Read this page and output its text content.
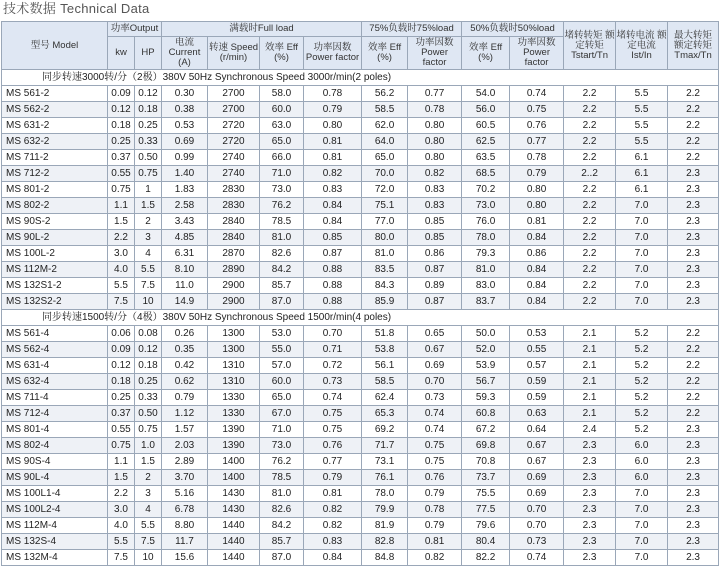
技术数据 Technical Data
型号 Model	功率Output		满载时Full load				75%负载时75%load		50%负载时50%load		堵转转矩 额定转矩 Tstart/Tn	堵转电流 额定电流 Ist/In	最大转矩 额定转矩 Tmax/Tn
	kw	HP	电流 Current (A)	转速 Speed (r/min)	效率 Eff (%)	功率因数 Power factor	效率 Eff (%)	功率因数 Power factor	效率 Eff (%)	功率因数 Power factor			
同步转速3000转/分（2极）380V 50Hz Synchronous Speed 3000r/min(2 poles)													
MS 561-2	0.09	0.12	0.30	2700	58.0	0.78	56.2	0.77	54.0	0.74	2.2	5.5	2.2
MS 562-2	0.12	0.18	0.38	2700	60.0	0.79	58.5	0.78	56.0	0.75	2.2	5.5	2.2
MS 631-2	0.18	0.25	0.53	2720	63.0	0.80	62.0	0.80	60.5	0.76	2.2	5.5	2.2
MS 632-2	0.25	0.33	0.69	2720	65.0	0.81	64.0	0.80	62.5	0.77	2.2	5.5	2.2
MS 711-2	0.37	0.50	0.99	2740	66.0	0.81	65.0	0.80	63.5	0.78	2.2	6.1	2.2
MS 712-2	0.55	0.75	1.40	2740	71.0	0.82	70.0	0.82	68.5	0.79	2..2	6.1	2.3
MS 801-2	0.75	1	1.83	2830	73.0	0.83	72.0	0.83	70.2	0.80	2.2	6.1	2.3
MS 802-2	1.1	1.5	2.58	2830	76.2	0.84	75.1	0.83	73.0	0.80	2.2	7.0	2.3
MS 90S-2	1.5	2	3.43	2840	78.5	0.84	77.0	0.85	76.0	0.81	2.2	7.0	2.3
MS 90L-2	2.2	3	4.85	2840	81.0	0.85	80.0	0.85	78.0	0.84	2.2	7.0	2.3
MS 100L-2	3.0	4	6.31	2870	82.6	0.87	81.0	0.86	79.3	0.86	2.2	7.0	2.3
MS 112M-2	4.0	5.5	8.10	2890	84.2	0.88	83.5	0.87	81.0	0.84	2.2	7.0	2.3
MS 132S1-2	5.5	7.5	11.0	2900	85.7	0.88	84.3	0.89	83.0	0.84	2.2	7.0	2.3
MS 132S2-2	7.5	10	14.9	2900	87.0	0.88	85.9	0.87	83.7	0.84	2.2	7.0	2.3
同步转速1500转/分（4极）380V 50Hz Synchronous Speed 1500r/min(4 poles)													
MS 561-4	0.06	0.08	0.26	1300	53.0	0.70	51.8	0.65	50.0	0.53	2.1	5.2	2.2
MS 562-4	0.09	0.12	0.35	1300	55.0	0.71	53.8	0.67	52.0	0.55	2.1	5.2	2.2
MS 631-4	0.12	0.18	0.42	1310	57.0	0.72	56.1	0.69	53.9	0.57	2.1	5.2	2.2
MS 632-4	0.18	0.25	0.62	1310	60.0	0.73	58.5	0.70	56.7	0.59	2.1	5.2	2.2
MS 711-4	0.25	0.33	0.79	1330	65.0	0.74	62.4	0.73	59.3	0.59	2.1	5.2	2.2
MS 712-4	0.37	0.50	1.12	1330	67.0	0.75	65.3	0.74	60.8	0.63	2.1	5.2	2.2
MS 801-4	0.55	0.75	1.57	1390	71.0	0.75	69.2	0.74	67.2	0.64	2.4	5.2	2.3
MS 802-4	0.75	1.0	2.03	1390	73.0	0.76	71.7	0.75	69.8	0.67	2.3	6.0	2.3
MS 90S-4	1.1	1.5	2.89	1400	76.2	0.77	73.1	0.75	70.8	0.67	2.3	6.0	2.3
MS 90L-4	1.5	2	3.70	1400	78.5	0.79	76.1	0.76	73.7	0.69	2.3	6.0	2.3
MS 100L1-4	2.2	3	5.16	1430	81.0	0.81	78.0	0.79	75.5	0.69	2.3	7.0	2.3
MS 100L2-4	3.0	4	6.78	1430	82.6	0.82	79.9	0.78	77.5	0.70	2.3	7.0	2.3
MS 112M-4	4.0	5.5	8.80	1440	84.2	0.82	81.9	0.79	79.6	0.70	2.3	7.0	2.3
MS 132S-4	5.5	7.5	11.7	1440	85.7	0.83	82.8	0.81	80.4	0.73	2.3	7.0	2.3
MS 132M-4	7.5	10	15.6	1440	87.0	0.84	84.8	0.82	82.2	0.74	2.3	7.0	2.3
